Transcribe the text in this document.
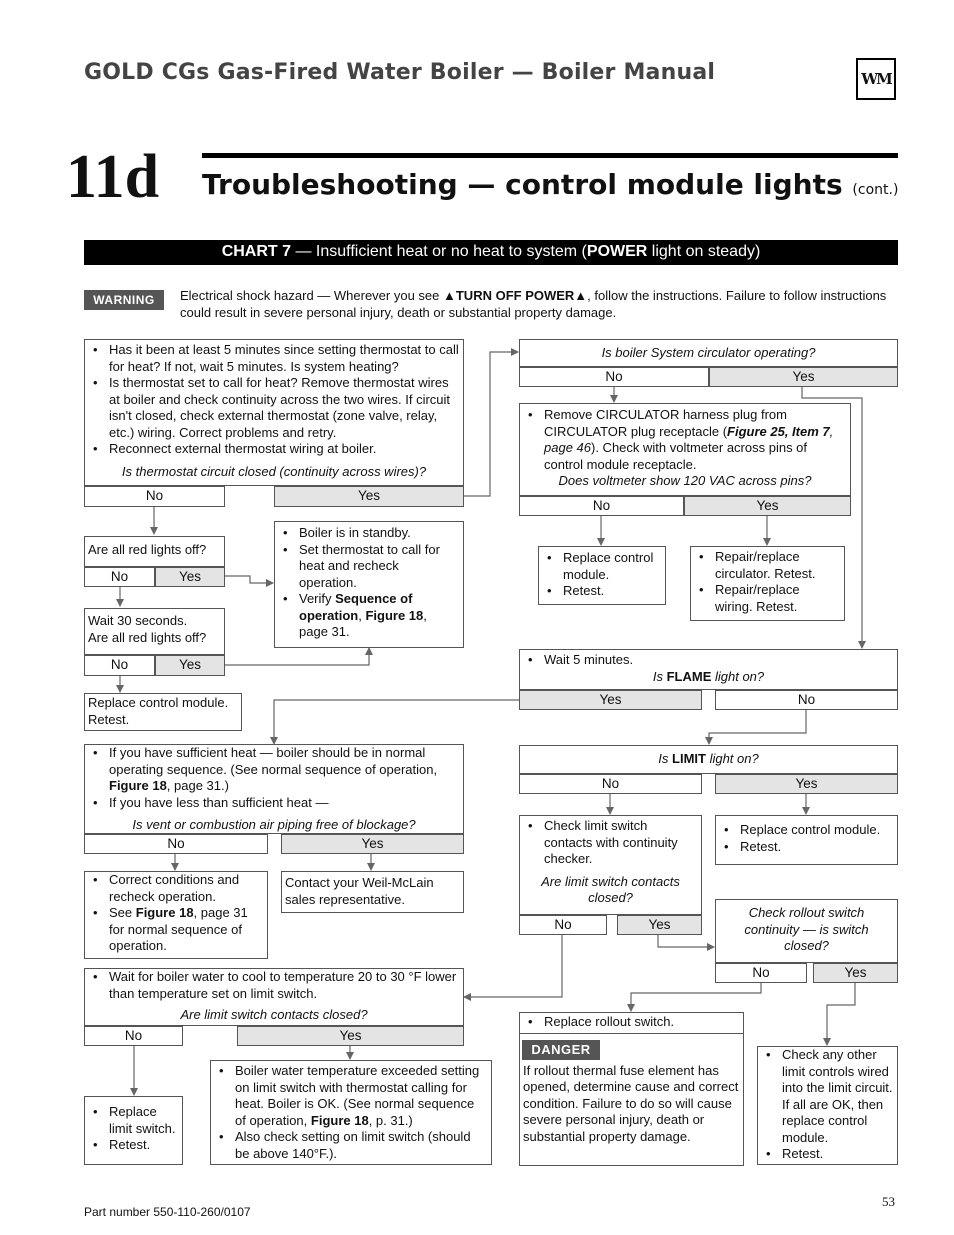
GOLD CGs Gas-Fired Water Boiler — Boiler Manual	WM
11d Troubleshooting — control module lights (cont.)
CHART 7 — Insufficient heat or no heat to system (POWER light on steady)
WARNING	Electrical shock hazard — Wherever you see ▲TURN OFF POWER▲, follow the instructions. Failure to follow instructions could result in severe personal injury, death or substantial property damage.
• Has it been at least 5 minutes since setting thermostat to call for heat? If not, wait 5 minutes. Is system heating?
• Is thermostat set to call for heat? Remove thermostat wires at boiler and check continuity across the two wires. If circuit isn't closed, check external thermostat (zone valve, relay, etc.) wiring. Correct problems and retry.
• Reconnect external thermostat wiring at boiler.
Is thermostat circuit closed (continuity across wires)?
No	Yes
Are all red lights off?
No	Yes
• Boiler is in standby.
• Set thermostat to call for heat and recheck operation.
• Verify Sequence of operation, Figure 18, page 31.
Wait 30 seconds.
Are all red lights off?
No	Yes
Replace control module. Retest.
• If you have sufficient heat — boiler should be in normal operating sequence. (See normal sequence of operation, Figure 18, page 31.)
• If you have less than sufficient heat —
Is vent or combustion air piping free of blockage?
No	Yes
• Correct conditions and recheck operation.
• See Figure 18, page 31 for normal sequence of operation.
Contact your Weil-McLain sales representative.
• Wait for boiler water to cool to temperature 20 to 30 °F lower than temperature set on limit switch.
Are limit switch contacts closed?
No	Yes
• Replace limit switch.
• Retest.
• Boiler water temperature exceeded setting on limit switch with thermostat calling for heat. Boiler is OK. (See normal sequence of operation, Figure 18, p. 31.)
• Also check setting on limit switch (should be above 140°F.).
Is boiler System circulator operating?
No	Yes
• Remove CIRCULATOR harness plug from CIRCULATOR plug receptacle (Figure 25, Item 7, page 46). Check with voltmeter across pins of control module receptacle.
Does voltmeter show 120 VAC across pins?
No	Yes
• Replace control module.
• Retest.
• Repair/replace circulator. Retest.
• Repair/replace wiring. Retest.
• Wait 5 minutes.
Is FLAME light on?
Yes	No
Is LIMIT light on?
No	Yes
• Check limit switch contacts with continuity checker.
Are limit switch contacts closed?
No	Yes
• Replace control module.
• Retest.
Check rollout switch continuity — is switch closed?
No	Yes
• Replace rollout switch.
DANGER
If rollout thermal fuse element has opened, determine cause and correct condition. Failure to do so will cause severe personal injury, death or substantial property damage.
• Check any other limit controls wired into the limit circuit. If all are OK, then replace control module.
• Retest.
Part number 550-110-260/0107
53
